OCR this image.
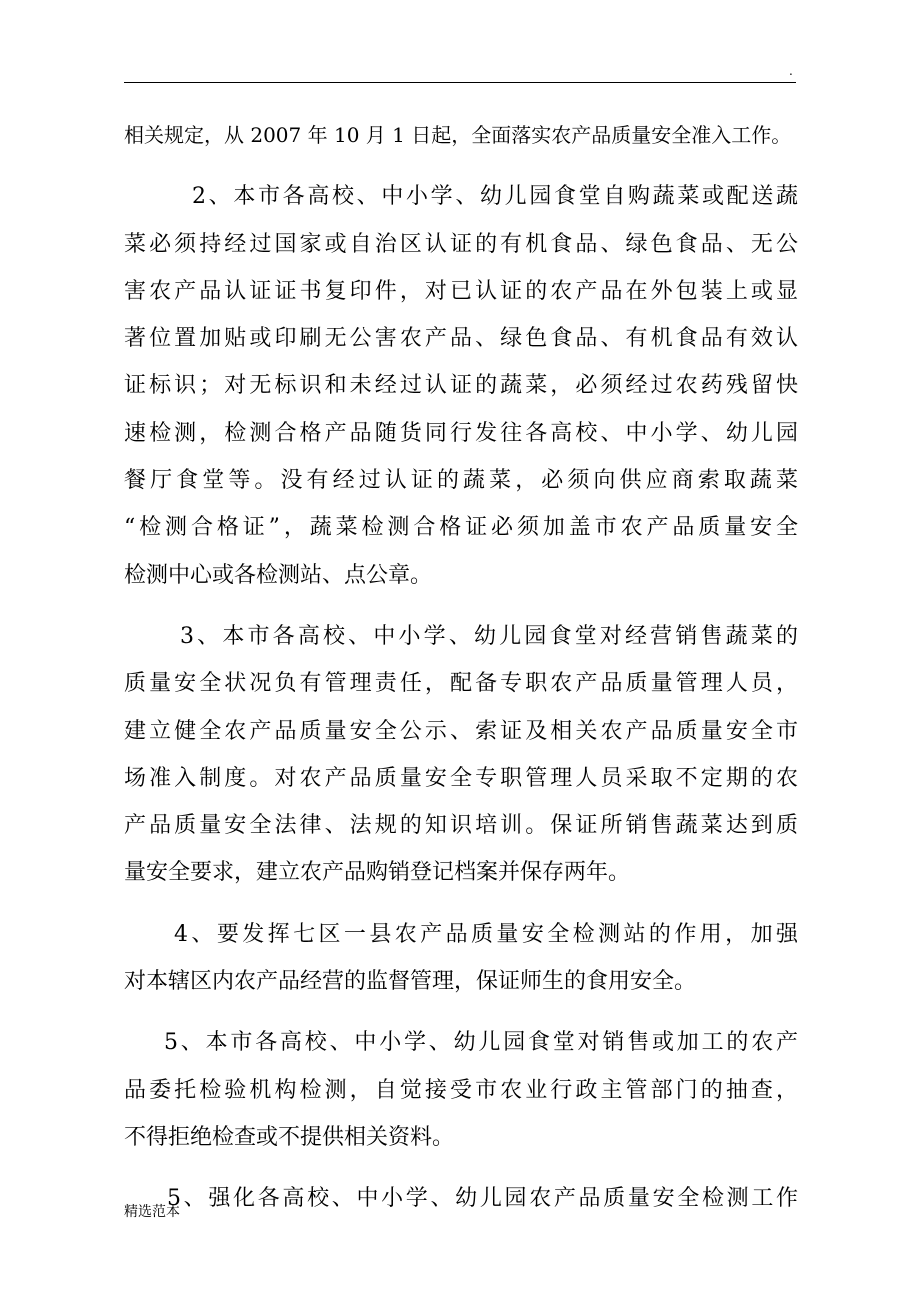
.
相关规定，从 2007 年 10 月 1 日起，全面落实农产品质量安全准入工作。
2、本市各高校、中小学、幼儿园食堂自购蔬菜或配送蔬
菜必须持经过国家或自治区认证的有机食品、绿色食品、无公
害农产品认证证书复印件，对已认证的农产品在外包装上或显
著位置加贴或印刷无公害农产品、绿色食品、有机食品有效认
证标识；对无标识和未经过认证的蔬菜，必须经过农药残留快
速检测，检测合格产品随货同行发往各高校、中小学、幼儿园
餐厅食堂等。没有经过认证的蔬菜，必须向供应商索取蔬菜
“检测合格证”，蔬菜检测合格证必须加盖市农产品质量安全
检测中心或各检测站、点公章。
3、本市各高校、中小学、幼儿园食堂对经营销售蔬菜的
质量安全状况负有管理责任，配备专职农产品质量管理人员，
建立健全农产品质量安全公示、索证及相关农产品质量安全市
场准入制度。对农产品质量安全专职管理人员采取不定期的农
产品质量安全法律、法规的知识培训。保证所销售蔬菜达到质
量安全要求，建立农产品购销登记档案并保存两年。
4、要发挥七区一县农产品质量安全检测站的作用，加强
对本辖区内农产品经营的监督管理，保证师生的食用安全。
5、本市各高校、中小学、幼儿园食堂对销售或加工的农产
品委托检验机构检测，自觉接受市农业行政主管部门的抽查，
不得拒绝检查或不提供相关资料。
5、强化各高校、中小学、幼儿园农产品质量安全检测工作
精选范本
